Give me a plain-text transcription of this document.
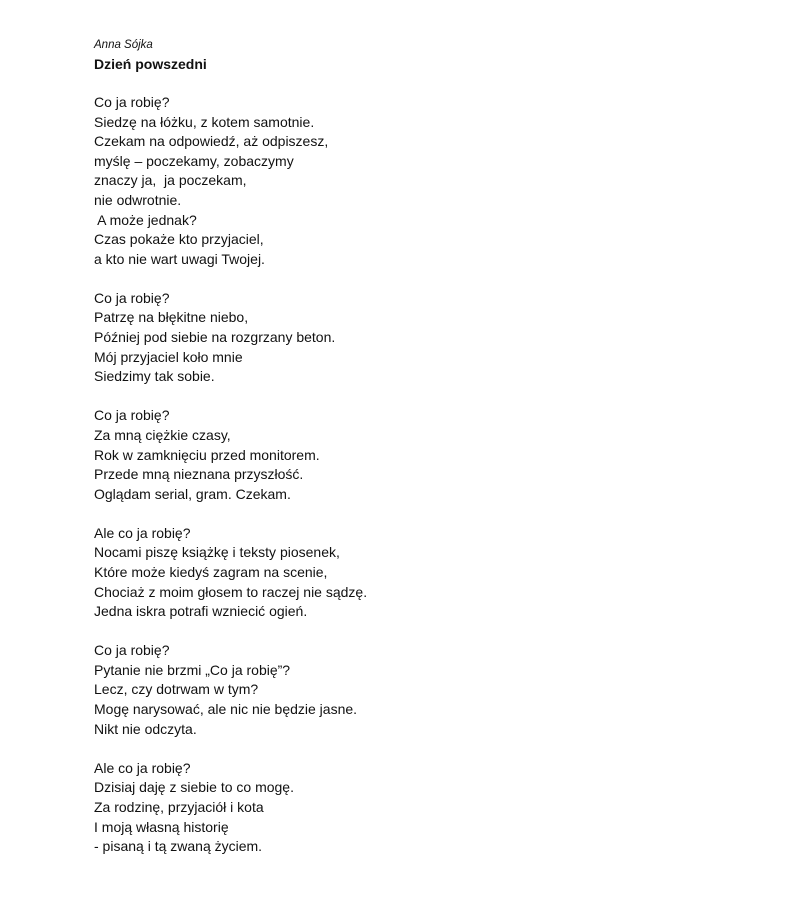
Anna Sójka
Dzień powszedni
Co ja robię?
Siedzę na łóżku, z kotem samotnie.
Czekam na odpowiedź, aż odpiszesz,
myślę – poczekamy, zobaczymy
znaczy ja,  ja poczekam,
nie odwrotnie.
A może jednak?
Czas pokaże kto przyjaciel,
a kto nie wart uwagi Twojej.
Co ja robię?
Patrzę na błękitne niebo,
Później pod siebie na rozgrzany beton.
Mój przyjaciel koło mnie
Siedzimy tak sobie.
Co ja robię?
Za mną ciężkie czasy,
Rok w zamknięciu przed monitorem.
Przede mną nieznana przyszłość.
Oglądam serial, gram. Czekam.
Ale co ja robię?
Nocami piszę książkę i teksty piosenek,
Które może kiedyś zagram na scenie,
Chociaż z moim głosem to raczej nie sądzę.
Jedna iskra potrafi wzniecić ogień.
Co ja robię?
Pytanie nie brzmi „Co ja robię”?
Lecz, czy dotrwam w tym?
Mogę narysować, ale nic nie będzie jasne.
Nikt nie odczyta.
Ale co ja robię?
Dzisiaj daję z siebie to co mogę.
Za rodzinę, przyjaciół i kota
I moją własną historię
- pisaną i tą zwaną życiem.
